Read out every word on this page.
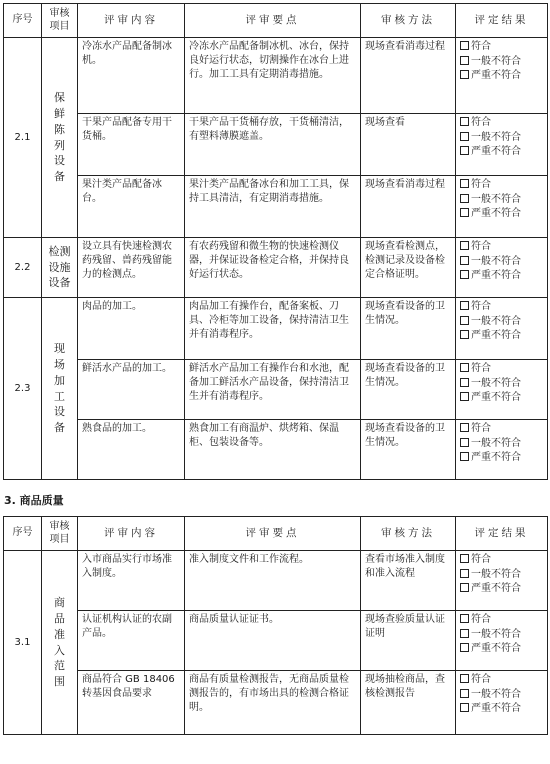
序号	审核项目	评审内容	评审要点	审核方法	评定结果
2.1	保鲜陈列设备	冷冻水产品配备制冰机。	冷冻水产品配备制冰机、冰台，保持良好运行状态，切割操作在冰台上进行。加工工具有定期消毒措施。	现场查看消毒过程	符合
一般不符合
严重不符合

		干果产品配备专用干货桶。	干果产品干货桶存放，干货桶清洁，有塑料薄膜遮盖。	现场查看	符合
一般不符合
严重不符合

		果汁类产品配备冰台。	果汁类产品配备冰台和加工工具，保持工具清洁，有定期消毒措施。	现场查看消毒过程	符合
一般不符合
严重不符合

2.2	检测设施设备	设立具有快速检测农药残留、兽药残留能力的检测点。	有农药残留和微生物的快速检测仪器，并保证设备检定合格，并保持良好运行状态。	现场查看检测点，检测记录及设备检定合格证明。	符合
一般不符合
严重不符合

2.3	现场加工设备	肉品的加工。	肉品加工有操作台，配备案板、刀具、冷柜等加工设备，保持清洁卫生并有消毒程序。	现场查看设备的卫生情况。	符合
一般不符合
严重不符合

		鲜活水产品的加工。	鲜活水产品加工有操作台和水池，配备加工鲜活水产品设备，保持清洁卫生并有消毒程序。	现场查看设备的卫生情况。	符合
一般不符合
严重不符合

		熟食品的加工。	熟食加工有商温炉、烘烤箱、保温柜、包装设备等。	现场查看设备的卫生情况。	符合
一般不符合
严重不符合
3. 商品质量
序号	审核项目	评审内容	评审要点	审核方法	评定结果
3.1	商品准入范围	入市商品实行市场准入制度。	准入制度文件和工作流程。	查看市场准入制度和准入流程	符合
一般不符合
严重不符合

		认证机构认证的农副产品。	商品质量认证证书。	现场查验质量认证证明	符合
一般不符合
严重不符合

		商品符合 GB 18406 转基因食品要求	商品有质量检测报告，无商品质量检测报告的，有市场出具的检测合格证明。	现场抽检商品，查核检测报告	符合
一般不符合
严重不符合
